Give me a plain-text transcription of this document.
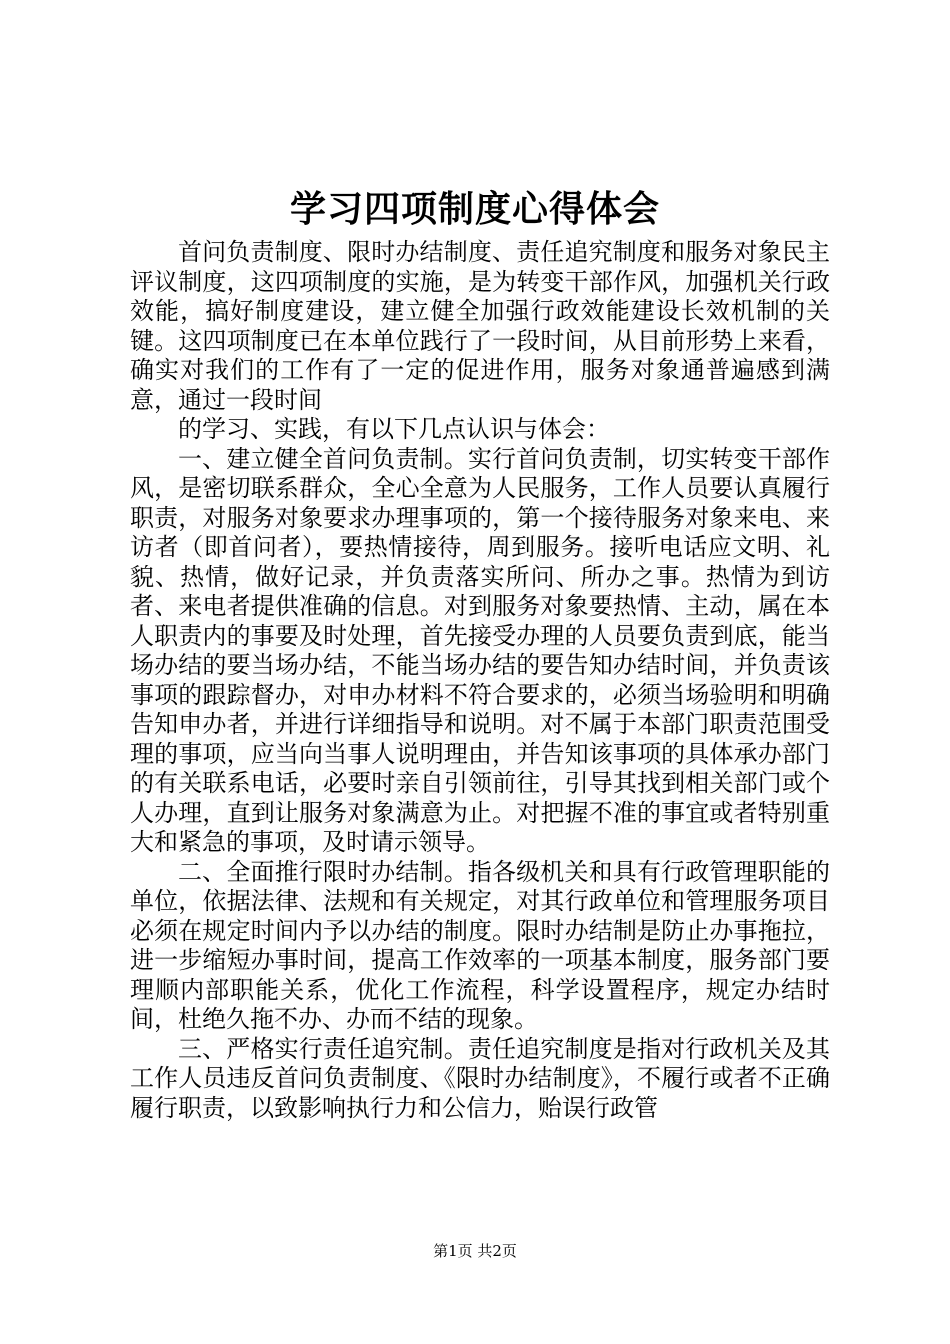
学习四项制度心得体会

首问负责制度、限时办结制度、责任追究制度和服务对象民主评议制度，这四项制度的实施，是为转变干部作风，加强机关行政效能，搞好制度建设，建立健全加强行政效能建设长效机制的关键。这四项制度已在本单位践行了一段时间，从目前形势上来看，确实对我们的工作有了一定的促进作用，服务对象通普遍感到满意，通过一段时间

的学习、实践，有以下几点认识与体会：

一、建立健全首问负责制。实行首问负责制，切实转变干部作风，是密切联系群众，全心全意为人民服务，工作人员要认真履行职责，对服务对象要求办理事项的，第一个接待服务对象来电、来访者（即首问者），要热情接待，周到服务。接听电话应文明、礼貌、热情，做好记录，并负责落实所问、所办之事。热情为到访者、来电者提供准确的信息。对到服务对象要热情、主动，属在本人职责内的事要及时处理，首先接受办理的人员要负责到底，能当场办结的要当场办结，不能当场办结的要告知办结时间，并负责该事项的跟踪督办，对申办材料不符合要求的，必须当场验明和明确告知申办者，并进行详细指导和说明。对不属于本部门职责范围受理的事项，应当向当事人说明理由，并告知该事项的具体承办部门的有关联系电话，必要时亲自引领前往，引导其找到相关部门或个人办理，直到让服务对象满意为止。对把握不准的事宜或者特别重大和紧急的事项，及时请示领导。

二、全面推行限时办结制。指各级机关和具有行政管理职能的单位，依据法律、法规和有关规定，对其行政单位和管理服务项目必须在规定时间内予以办结的制度。限时办结制是防止办事拖拉，进一步缩短办事时间，提高工作效率的一项基本制度，服务部门要理顺内部职能关系，优化工作流程，科学设置程序，规定办结时间，杜绝久拖不办、办而不结的现象。

三、严格实行责任追究制。责任追究制度是指对行政机关及其工作人员违反首问负责制度、《限时办结制度》，不履行或者不正确履行职责，以致影响执行力和公信力，贻误行政管

第1页 共2页
